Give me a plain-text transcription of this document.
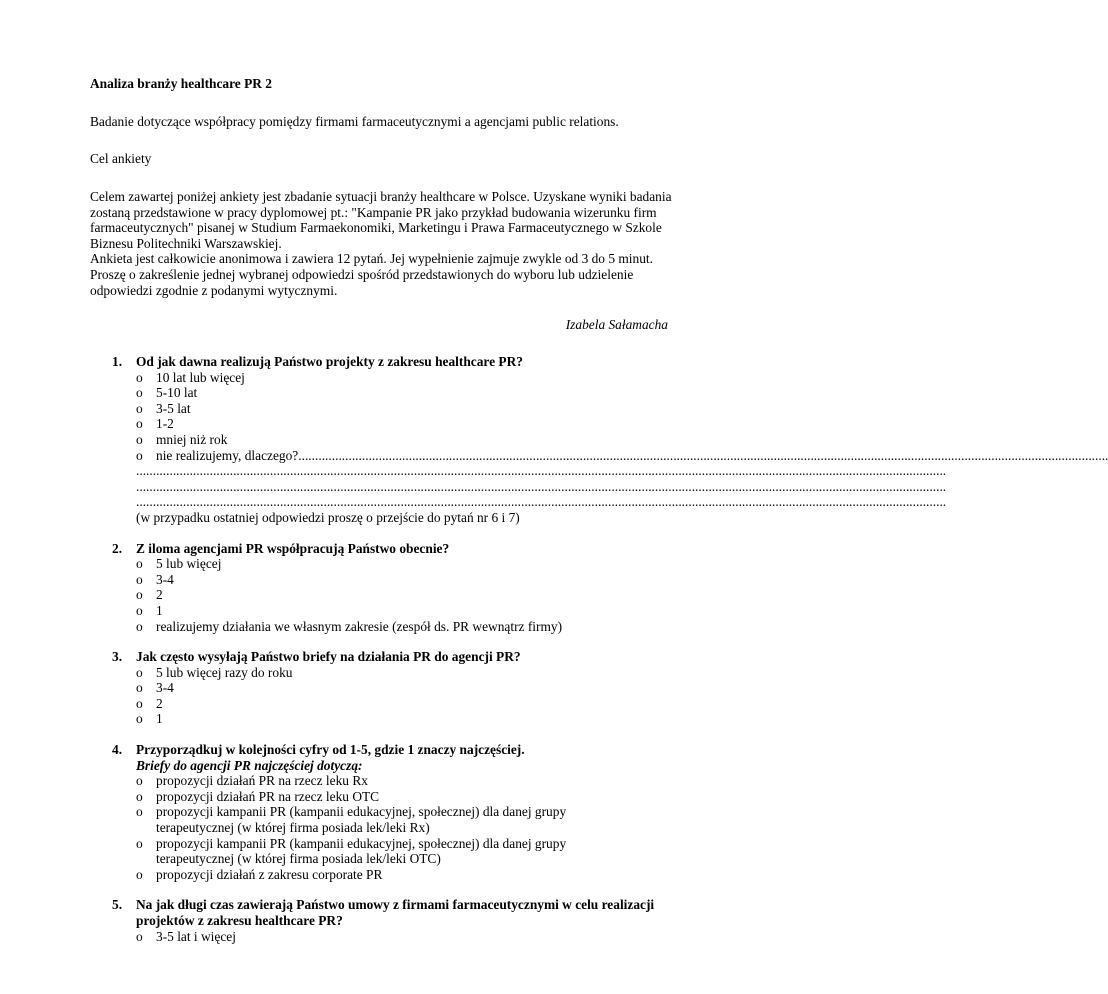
Analiza branży healthcare PR 2
Badanie dotyczące współpracy pomiędzy firmami farmaceutycznymi a agencjami public relations.
Cel ankiety

Celem zawartej poniżej ankiety jest zbadanie sytuacji branży healthcare w Polsce. Uzyskane wyniki badania zostaną przedstawione w pracy dyplomowej pt.: "Kampanie PR jako przykład budowania wizerunku firm farmaceutycznych" pisanej w Studium Farmaekonomiki, Marketingu i Prawa Farmaceutycznego w Szkole Biznesu Politechniki Warszawskiej.

Ankieta jest całkowicie anonimowa i zawiera 12 pytań. Jej wypełnienie zajmuje zwykle od 3 do 5 minut. Proszę o zakreślenie jednej wybranej odpowiedzi spośród przedstawionych do wyboru lub udzielenie odpowiedzi zgodnie z podanymi wytycznymi.

Izabela Sałamacha
1. Od jak dawna realizują Państwo projekty z zakresu healthcare PR?
o 10 lat lub więcej
o 5-10 lat
o 3-5 lat
o 1-2
o mniej niż rok
o nie realizujemy, dlaczego?..................................................................................................................................................................................................................................................
..................................................................................................................................................................................................................................................
..................................................................................................................................................................................................................................................
..................................................................................................................................................................................................................................................
(w przypadku ostatniej odpowiedzi proszę o przejście do pytań nr 6 i 7)
2. Z iloma agencjami PR współpracują Państwo obecnie?
o 5 lub więcej
o 3-4
o 2
o 1
o realizujemy działania we własnym zakresie (zespół ds. PR wewnątrz firmy)
3. Jak często wysyłają Państwo briefy na działania PR do agencji PR?
o 5 lub więcej razy do roku
o 3-4
o 2
o 1
4. Przyporządkuj w kolejności cyfry od 1-5, gdzie 1 znaczy najczęściej.
Briefy do agencji PR najczęściej dotyczą:
o propozycji działań PR na rzecz leku Rx
o propozycji działań PR na rzecz leku OTC
o propozycji kampanii PR (kampanii edukacyjnej, społecznej) dla danej grupy terapeutycznej (w której firma posiada lek/leki Rx)
o propozycji kampanii PR (kampanii edukacyjnej, społecznej) dla danej grupy terapeutycznej (w której firma posiada lek/leki OTC)
o propozycji działań z zakresu corporate PR
5. Na jak długi czas zawierają Państwo umowy z firmami farmaceutycznymi w celu realizacji projektów z zakresu healthcare PR?
o 3-5 lat i więcej
